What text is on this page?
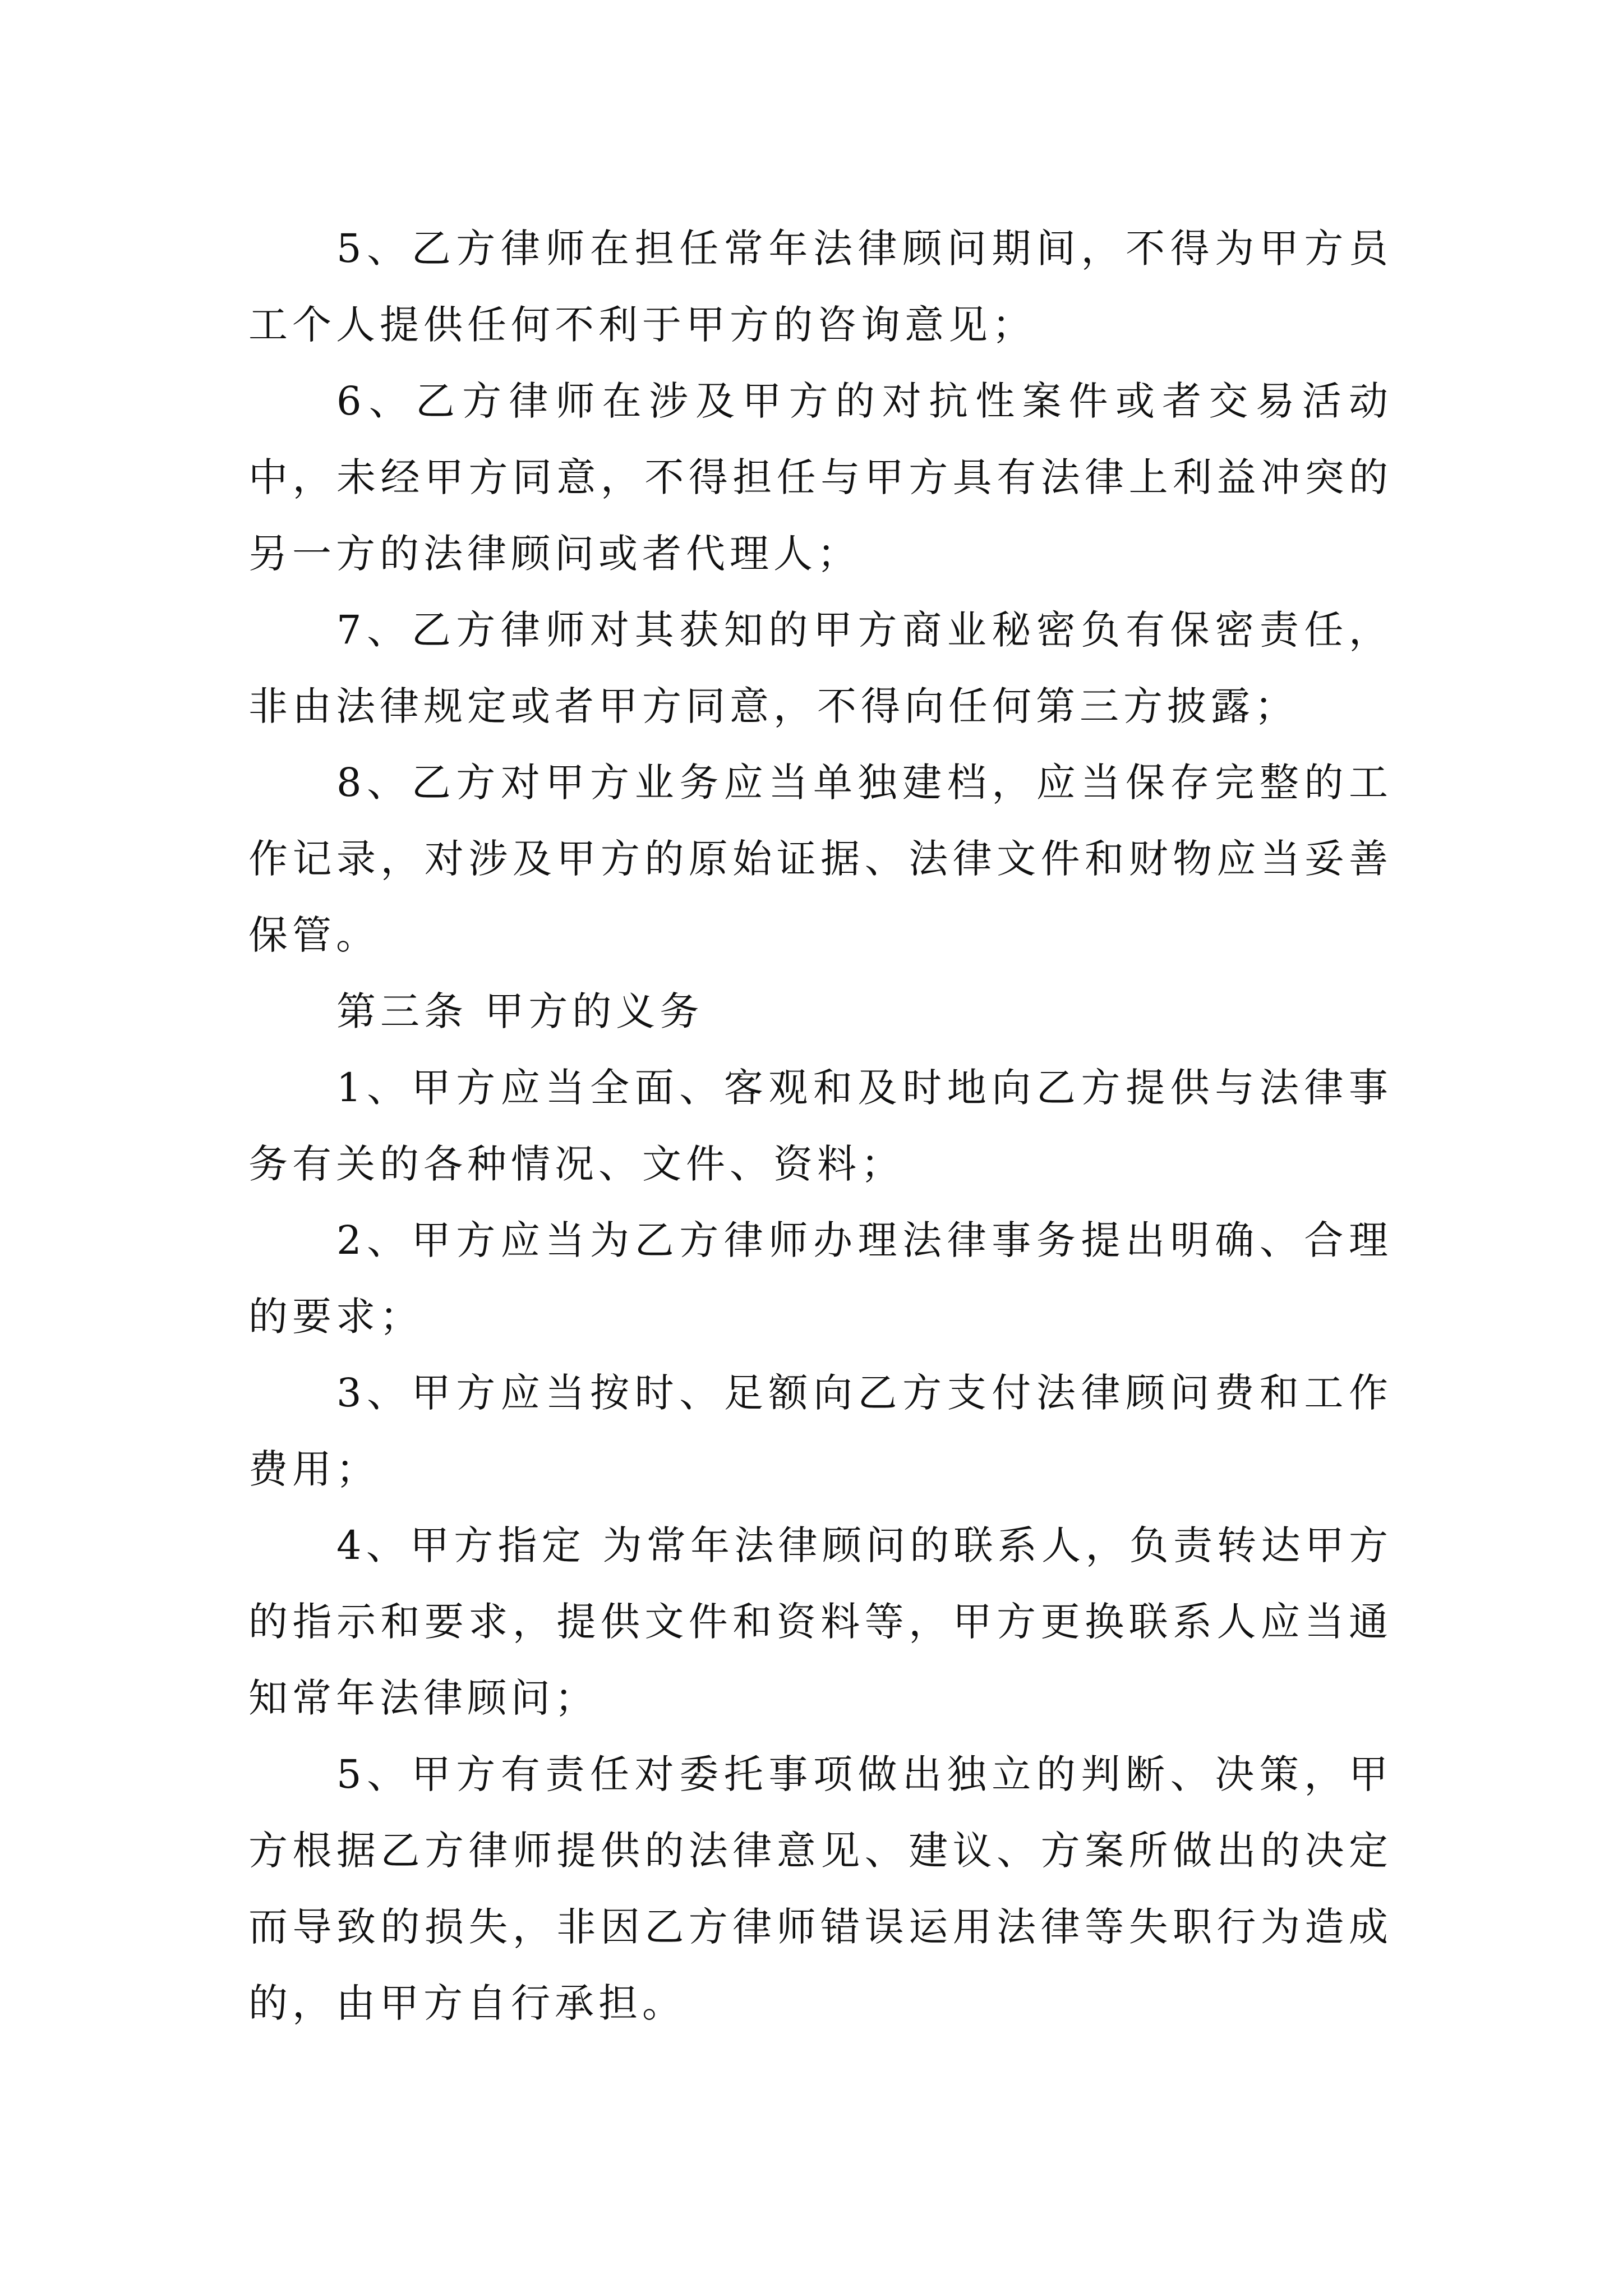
5、乙方律师在担任常年法律顾问期间，不得为甲方员工个人提供任何不利于甲方的咨询意见；

6、乙方律师在涉及甲方的对抗性案件或者交易活动中，未经甲方同意，不得担任与甲方具有法律上利益冲突的另一方的法律顾问或者代理人；

7、乙方律师对其获知的甲方商业秘密负有保密责任，非由法律规定或者甲方同意，不得向任何第三方披露；

8、乙方对甲方业务应当单独建档，应当保存完整的工作记录，对涉及甲方的原始证据、法律文件和财物应当妥善保管。

第三条 甲方的义务

1、甲方应当全面、客观和及时地向乙方提供与法律事务有关的各种情况、文件、资料；

2、甲方应当为乙方律师办理法律事务提出明确、合理的要求；

3、甲方应当按时、足额向乙方支付法律顾问费和工作费用；

4、甲方指定 为常年法律顾问的联系人，负责转达甲方的指示和要求，提供文件和资料等，甲方更换联系人应当通知常年法律顾问；

5、甲方有责任对委托事项做出独立的判断、决策，甲方根据乙方律师提供的法律意见、建议、方案所做出的决定而导致的损失，非因乙方律师错误运用法律等失职行为造成的，由甲方自行承担。
